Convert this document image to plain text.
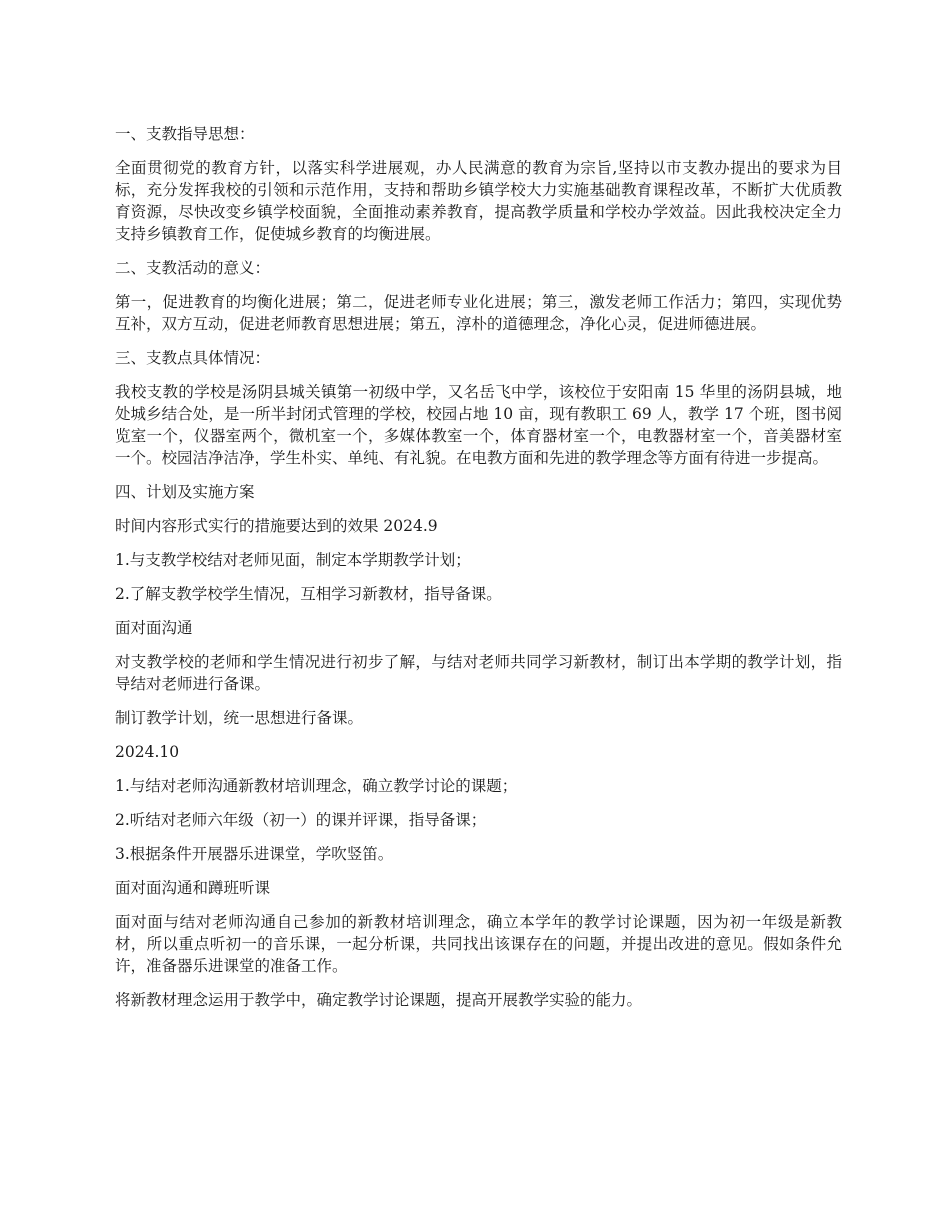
一、支教指导思想：

全面贯彻党的教育方针，以落实科学进展观，办人民满意的教育为宗旨,坚持以市支教办提出的要求为目标，充分发挥我校的引领和示范作用，支持和帮助乡镇学校大力实施基础教育课程改革，不断扩大优质教育资源，尽快改变乡镇学校面貌，全面推动素养教育，提高教学质量和学校办学效益。因此我校决定全力支持乡镇教育工作，促使城乡教育的均衡进展。

二、支教活动的意义：

第一，促进教育的均衡化进展；第二，促进老师专业化进展；第三，激发老师工作活力；第四，实现优势互补，双方互动，促进老师教育思想进展；第五，淳朴的道德理念，净化心灵，促进师德进展。

三、支教点具体情况：

我校支教的学校是汤阴县城关镇第一初级中学，又名岳飞中学，该校位于安阳南 15 华里的汤阴县城，地处城乡结合处，是一所半封闭式管理的学校，校园占地 10 亩，现有教职工 69 人，教学 17 个班，图书阅览室一个，仪器室两个，微机室一个，多媒体教室一个，体育器材室一个，电教器材室一个，音美器材室一个。校园洁净洁净，学生朴实、单纯、有礼貌。在电教方面和先进的教学理念等方面有待进一步提高。

四、计划及实施方案

时间内容形式实行的措施要达到的效果 2024.9

1.与支教学校结对老师见面，制定本学期教学计划；

2.了解支教学校学生情况，互相学习新教材，指导备课。

面对面沟通

对支教学校的老师和学生情况进行初步了解，与结对老师共同学习新教材，制订出本学期的教学计划，指导结对老师进行备课。

制订教学计划，统一思想进行备课。

2024.10

1.与结对老师沟通新教材培训理念，确立教学讨论的课题；

2.听结对老师六年级（初一）的课并评课，指导备课；

3.根据条件开展器乐进课堂，学吹竖笛。

面对面沟通和蹲班听课

面对面与结对老师沟通自己参加的新教材培训理念，确立本学年的教学讨论课题，因为初一年级是新教材，所以重点听初一的音乐课，一起分析课，共同找出该课存在的问题，并提出改进的意见。假如条件允许，准备器乐进课堂的准备工作。

将新教材理念运用于教学中，确定教学讨论课题，提高开展教学实验的能力。
